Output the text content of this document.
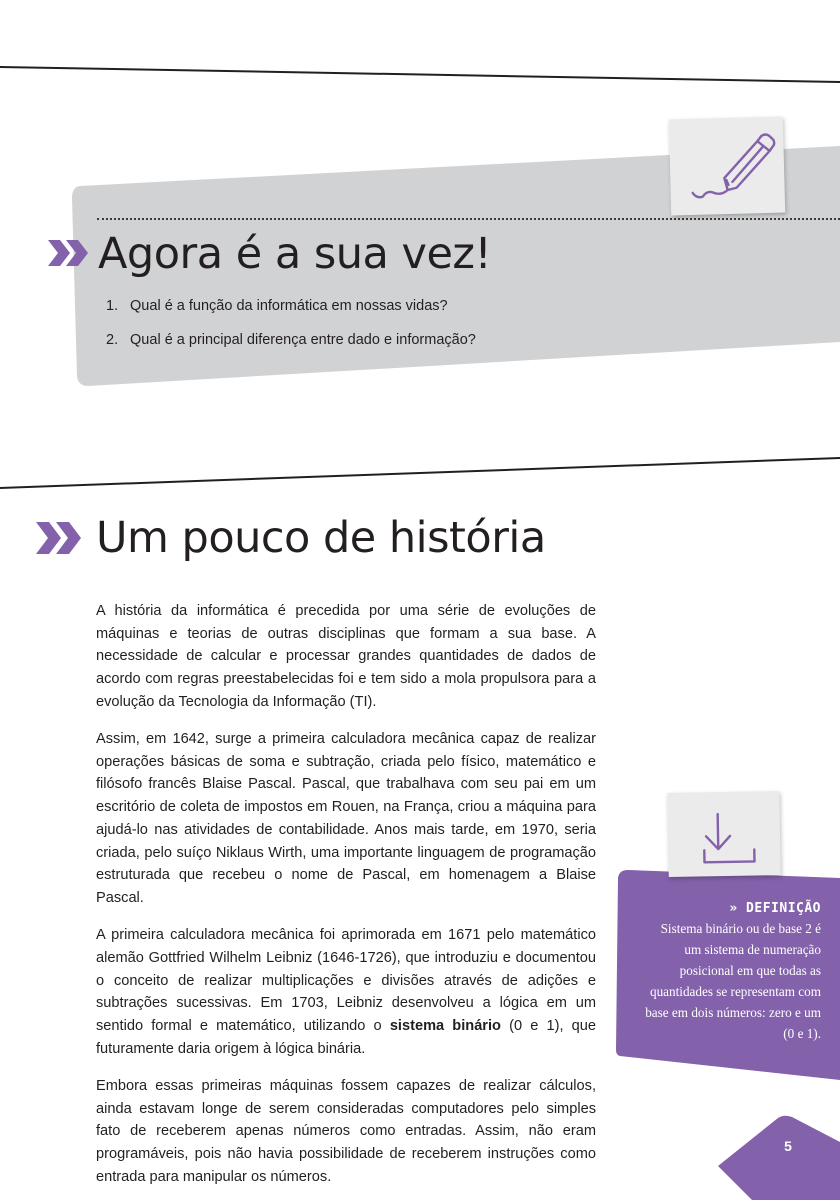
Agora é a sua vez!
1. Qual é a função da informática em nossas vidas?
2. Qual é a principal diferença entre dado e informação?
Um pouco de história

A história da informática é precedida por uma série de evoluções de máquinas e teorias de outras disciplinas que formam a sua base. A necessidade de calcular e processar grandes quantidades de dados de acordo com regras preestabelecidas foi e tem sido a mola propulsora para a evolução da Tecnologia da Informação (TI).

Assim, em 1642, surge a primeira calculadora mecânica capaz de realizar operações básicas de soma e subtração, criada pelo físico, matemático e filósofo francês Blaise Pascal. Pascal, que trabalhava com seu pai em um escritório de coleta de impostos em Rouen, na França, criou a máquina para ajudá-lo nas atividades de contabilidade. Anos mais tarde, em 1970, seria criada, pelo suíço Niklaus Wirth, uma importante linguagem de programação estruturada que recebeu o nome de Pascal, em homenagem a Blaise Pascal.

A primeira calculadora mecânica foi aprimorada em 1671 pelo matemático alemão Gottfried Wilhelm Leibniz (1646-1726), que introduziu e documentou o conceito de realizar multiplicações e divisões através de adições e subtrações sucessivas. Em 1703, Leibniz desenvolveu a lógica em um sentido formal e matemático, utilizando o sistema binário (0 e 1), que futuramente daria origem à lógica binária.

Embora essas primeiras máquinas fossem capazes de realizar cálculos, ainda estavam longe de serem consideradas computadores pelo simples fato de receberem apenas números como entradas. Assim, não eram programáveis, pois não havia possibilidade de receberem instruções como entrada para manipular os números.

» DEFINIÇÃO
Sistema binário ou de base 2 é um sistema de numeração posicional em que todas as quantidades se representam com base em dois números: zero e um (0 e 1).
5
